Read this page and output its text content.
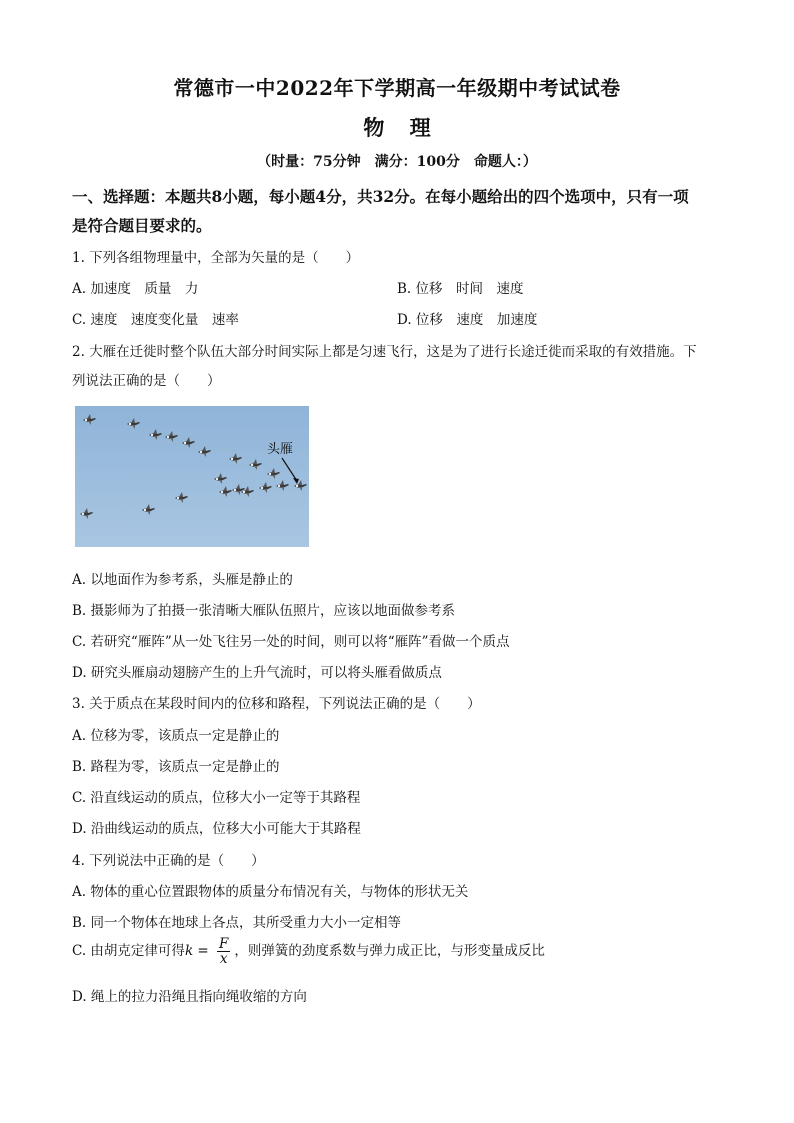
常德市一中2022年下学期高一年级期中考试试卷
物 理
（时量：75分钟　满分：100分　命题人：）
一、选择题：本题共8小题，每小题4分，共32分。在每小题给出的四个选项中，只有一项
是符合题目要求的。
1. 下列各组物理量中，全部为矢量的是（　　）
A. 加速度　质量　力	B. 位移　时间　速度
C. 速度　速度变化量　速率	D. 位移　速度　加速度
2. 大雁在迁徙时整个队伍大部分时间实际上都是匀速飞行，这是为了进行长途迁徙而采取的有效措施。下
列说法正确的是（　　）
头雁
A. 以地面作为参考系，头雁是静止的
B. 摄影师为了拍摄一张清晰大雁队伍照片，应该以地面做参考系
C. 若研究“雁阵”从一处飞往另一处的时间，则可以将“雁阵”看做一个质点
D. 研究头雁扇动翅膀产生的上升气流时，可以将头雁看做质点
3. 关于质点在某段时间内的位移和路程，下列说法正确的是（　　）
A. 位移为零，该质点一定是静止的
B. 路程为零，该质点一定是静止的
C. 沿直线运动的质点，位移大小一定等于其路程
D. 沿曲线运动的质点，位移大小可能大于其路程
4. 下列说法中正确的是（　　）
A. 物体的重心位置跟物体的质量分布情况有关，与物体的形状无关
B. 同一个物体在地球上各点，其所受重力大小一定相等
C. 由胡克定律可得$k = \frac{F}{x}$ ，则弹簧的劲度系数与弹力成正比，与形变量成反比
D. 绳上的拉力沿绳且指向绳收缩的方向
